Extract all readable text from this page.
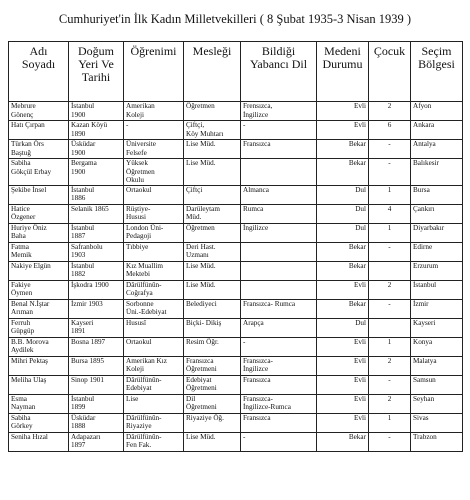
Cumhuriyet'in İlk Kadın Milletvekilleri ( 8 Şubat 1935-3 Nisan 1939 )
Adı
Soyadı	Doğum
Yeri Ve
Tarihi	Öğrenimi	Mesleği	Bildiği
Yabancı Dil	Medeni
Durumu	Çocuk	Seçim
Bölgesi

Mebrure
Gönenç	İstanbul
1900	Amerikan
Koleji	Öğretmen	Frensızca,
İngilizce	Evli	2	Afyon

Hatı Çırpan	Kazan Köyü
1890	-	Çiftçi,
Köy Muhtarı	-	Evli	6	Ankara

Türkan Örs
Baştuğ	Üsküdar
1900	Üniversite
Felsefe	Lise Müd.	Fransızca	Bekar	-	Antalya

Sabiha
Gökçül Erbay	Bergama
1900	Yüksek
Öğretmen
Okulu	Lise Müd.		Bekar	-	Balıkesir

Şekibe İnsel	İstanbul
1886	Ortaokul	Çiftçi	Almanca	Dul	1	Bursa

Hatice
Özgener	Selanik 1865	Rüştiye-
Hususi	Darüleytam
Müd.	Rumca	Dul	4	Çankırı

Huriye Öniz
Baha	İstanbul
1887	London Üni-
Pedagoji	Öğretmen	İngilizce	Dul	1	Diyarbakır

Fatma
Memik	Safranbolu
1903	Tıbbiye	Deri Hast.
Uzmanı		Bekar	-	Edirne

Nakiye Elgün	İstanbul
1882	Kız Muallim
Mektebi	Lise Müd.		Bekar		Erzurum

Fakiye
Öymen	İşkodra 1900	Dârülfünûn-
Coğrafya	Lise Müd.		Evli	2	İstanbul

Benal N.İştar
Arıman	İzmir 1903	Sorbonne
Üni.-Edebiyat	Belediyeci	Fransızca- Rumca	Bekar	-	İzmir

Ferruh
Güpgüp	Kayseri
1891	Hususî	Biçki- Dikiş	Arapça	Dul		Kayseri

B.B. Morova
Aydilek	Bosna 1897	Ortaokul	Resim Öğr.	-	Evli	1	Konya

Mihri Pektaş	Bursa 1895	Amerikan Kız
Koleji	Fransızca
Öğretmeni	Fransızca-
İngilizce	Evli	2	Malatya

Meliha Ulaş	Sinop 1901	Dârülfünûn-
Edebiyat	Edebiyat
Öğretmeni	Fransızca	Evli	-	Samsun

Esma
Nayman	İstanbul
1899	Lise	Dil
Öğretmeni	Fransızca-
İngilizce-Rumca	Evli	2	Seyhan

Sabiha
Görkey	Üsküdar
1888	Dârülfünûn-
Riyaziye	Riyaziye Öğ.	Fransızca	Evli	1	Sivas

Seniha Hızal	Adapazarı
1897	Dârülfünûn-
Fen Fak.	Lise Müd.	-	Bekar	-	Trabzon
